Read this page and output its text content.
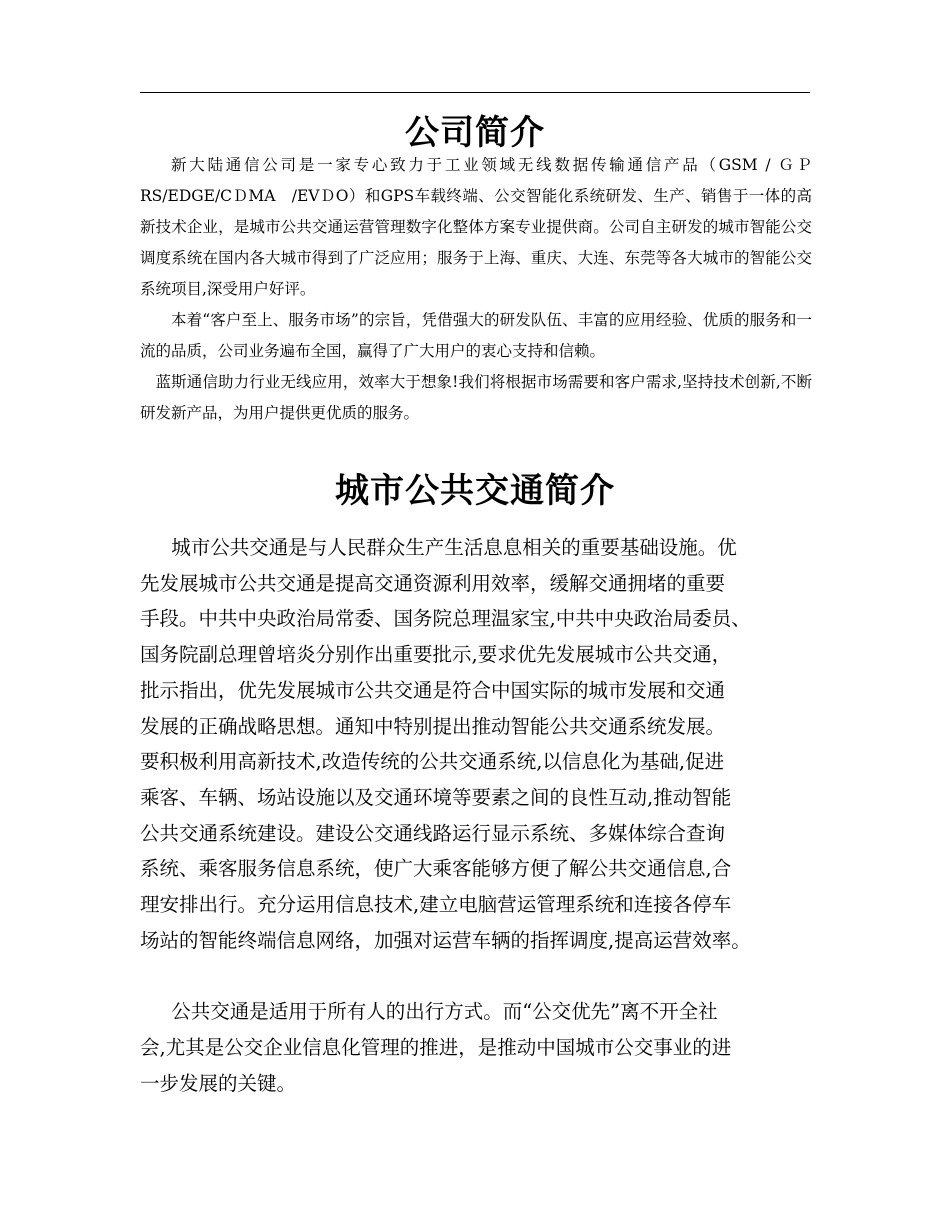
公司简介

新大陆通信公司是一家专心致力于工业领域无线数据传输通信产品（GSM / ＧＰRS/EDGE/CＤMA　/EVＤO）和GPS车载终端、公交智能化系统研发、生产、销售于一体的高新技术企业，是城市公共交通运营管理数字化整体方案专业提供商。公司自主研发的城市智能公交调度系统在国内各大城市得到了广泛应用；服务于上海、重庆、大连、东莞等各大城市的智能公交系统项目,深受用户好评。

本着“客户至上、服务市场”的宗旨，凭借强大的研发队伍、丰富的应用经验、优质的服务和一流的品质，公司业务遍布全国，赢得了广大用户的衷心支持和信赖。

蓝斯通信助力行业无线应用，效率大于想象!我们将根据市场需要和客户需求,坚持技术创新,不断研发新产品，为用户提供更优质的服务。

城市公共交通简介
城市公共交通是与人民群众生产生活息息相关的重要基础设施。优
先发展城市公共交通是提高交通资源利用效率，缓解交通拥堵的重要
手段。中共中央政治局常委、国务院总理温家宝,中共中央政治局委员、
国务院副总理曾培炎分别作出重要批示,要求优先发展城市公共交通，
批示指出，优先发展城市公共交通是符合中国实际的城市发展和交通
发展的正确战略思想。通知中特别提出推动智能公共交通系统发展。
要积极利用高新技术,改造传统的公共交通系统,以信息化为基础,促进
乘客、车辆、场站设施以及交通环境等要素之间的良性互动,推动智能
公共交通系统建设。建设公交通线路运行显示系统、多媒体综合查询
系统、乘客服务信息系统，使广大乘客能够方便了解公共交通信息,合
理安排出行。充分运用信息技术,建立电脑营运管理系统和连接各停车
场站的智能终端信息网络，加强对运营车辆的指挥调度,提高运营效率。
公共交通是适用于所有人的出行方式。而“公交优先”离不开全社
会,尤其是公交企业信息化管理的推进，是推动中国城市公交事业的进
一步发展的关键。
